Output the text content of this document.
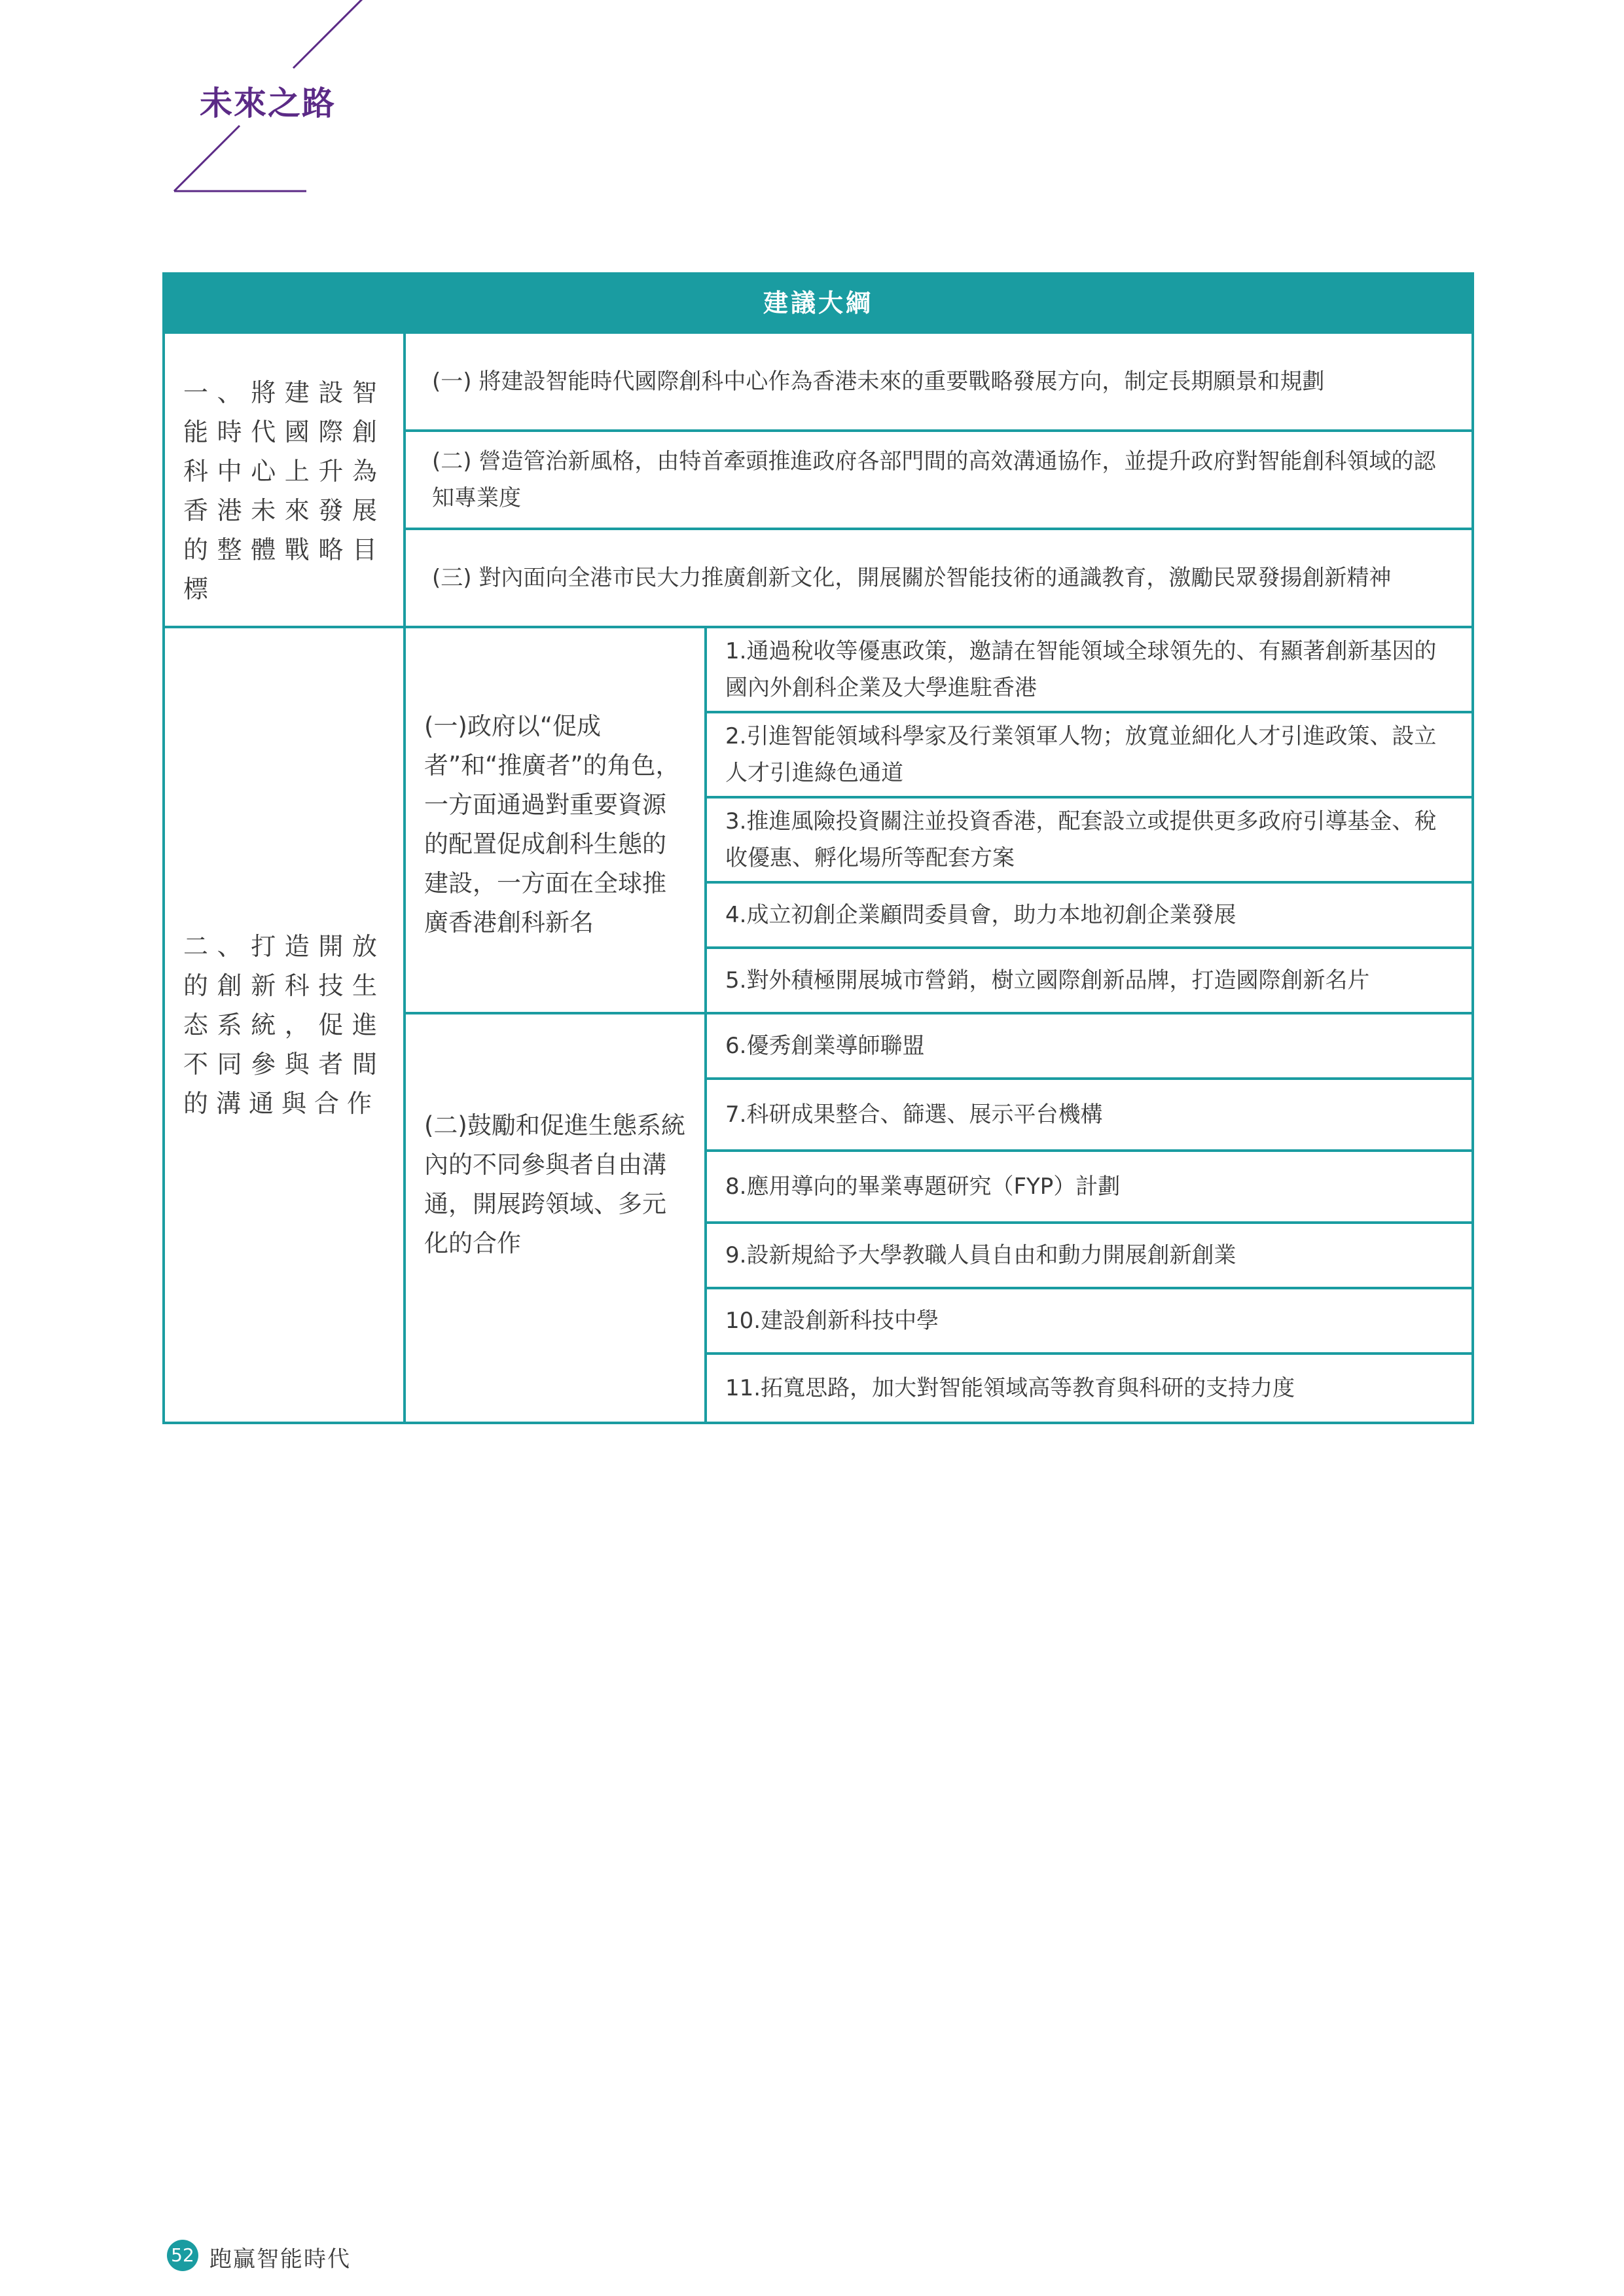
未來之路
建議大綱		
一、將建設智能時代國際創科中心上升為香港未來發展的整體戰略目標	(一) 將建設智能時代國際創科中心作為香港未來的重要戰略發展方向，制定長期願景和規劃	
	(二) 營造管治新風格，由特首牽頭推進政府各部門間的高效溝通協作，並提升政府對智能創科領域的認知專業度	
	(三) 對內面向全港市民大力推廣創新文化，開展關於智能技術的通識教育，激勵民眾發揚創新精神	
二、打造開放的創新科技生态系統，促進不同參與者間的溝通與合作	(一)政府以“促成者”和“推廣者”的角色，一方面通過對重要資源的配置促成創科生態的建設，一方面在全球推廣香港創科新名	1.通過稅收等優惠政策，邀請在智能領域全球領先的、有顯著創新基因的國內外創科企業及大學進駐香港
		2.引進智能領域科學家及行業領軍人物；放寬並細化人才引進政策、設立人才引進綠色通道
		3.推進風險投資關注並投資香港，配套設立或提供更多政府引導基金、稅收優惠、孵化場所等配套方案
		4.成立初創企業顧問委員會，助力本地初創企業發展
		5.對外積極開展城市營銷，樹立國際創新品牌，打造國際創新名片
	(二)鼓勵和促進生態系統內的不同參與者自由溝通，開展跨領域、多元化的合作	6.優秀創業導師聯盟
		7.科研成果整合、篩選、展示平台機構
		8.應用導向的畢業專題研究（FYP）計劃
		9.設新規給予大學教職人員自由和動力開展創新創業
		10.建設創新科技中學
		11.拓寬思路，加大對智能領域高等教育與科研的支持力度
52 跑贏智能時代
